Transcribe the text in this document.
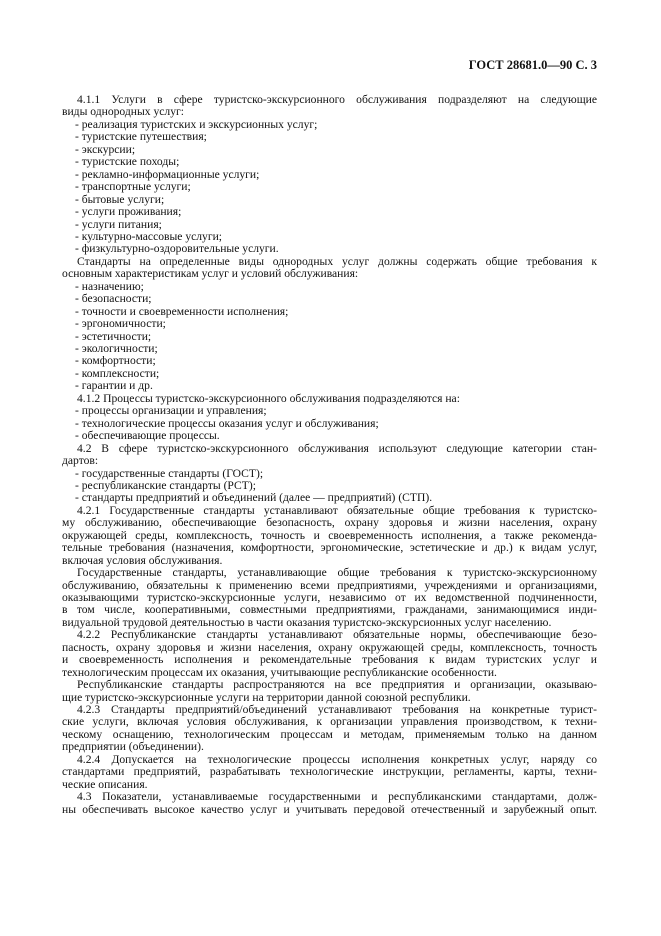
ГОСТ 28681.0—90 С. 3
4.1.1 Услуги в сфере туристско-экскурсионного обслуживания подразделяют на следующие
виды однородных услуг:
- реализация туристских и экскурсионных услуг;
- туристские путешествия;
- экскурсии;
- туристские походы;
- рекламно-информационные услуги;
- транспортные услуги;
- бытовые услуги;
- услуги проживания;
- услуги питания;
- культурно-массовые услуги;
- физкультурно-оздоровительные услуги.
Стандарты на определенные виды однородных услуг должны содержать общие требования к
основным характеристикам услуг и условий обслуживания:
- назначению;
- безопасности;
- точности и своевременности исполнения;
- эргономичности;
- эстетичности;
- экологичности;
- комфортности;
- комплексности;
- гарантии и др.
4.1.2 Процессы туристско-экскурсионного обслуживания подразделяются на:
- процессы организации и управления;
- технологические процессы оказания услуг и обслуживания;
- обеспечивающие процессы.
4.2 В сфере туристско-экскурсионного обслуживания используют следующие категории стан-
дартов:
- государственные стандарты (ГОСТ);
- республиканские стандарты (РСТ);
- стандарты предприятий и объединений (далее — предприятий) (СТП).
4.2.1 Государственные стандарты устанавливают обязательные общие требования к туристско-
му обслуживанию, обеспечивающие безопасность, охрану здоровья и жизни населения, охрану
окружающей среды, комплексность, точность и своевременность исполнения, а также рекоменда-
тельные требования (назначения, комфортности, эргономические, эстетические и др.) к видам услуг,
включая условия обслуживания.
Государственные стандарты, устанавливающие общие требования к туристско-экскурсионному
обслуживанию, обязательны к применению всеми предприятиями, учреждениями и организациями,
оказывающими туристско-экскурсионные услуги, независимо от их ведомственной подчиненности,
в том числе, кооперативными, совместными предприятиями, гражданами, занимающимися инди-
видуальной трудовой деятельностью в части оказания туристско-экскурсионных услуг населению.
4.2.2 Республиканские стандарты устанавливают обязательные нормы, обеспечивающие безо-
пасность, охрану здоровья и жизни населения, охрану окружающей среды, комплексность, точность
и своевременность исполнения и рекомендательные требования к видам туристских услуг и
технологическим процессам их оказания, учитывающие республиканские особенности.
Республиканские стандарты распространяются на все предприятия и организации, оказываю-
щие туристско-экскурсионные услуги на территории данной союзной республики.
4.2.3 Стандарты предприятий/объединений устанавливают требования на конкретные турист-
ские услуги, включая условия обслуживания, к организации управления производством, к техни-
ческому оснащению, технологическим процессам и методам, применяемым только на данном
предприятии (объединении).
4.2.4 Допускается на технологические процессы исполнения конкретных услуг, наряду со
стандартами предприятий, разрабатывать технологические инструкции, регламенты, карты, техни-
ческие описания.
4.3 Показатели, устанавливаемые государственными и республиканскими стандартами, долж-
ны обеспечивать высокое качество услуг и учитывать передовой отечественный и зарубежный опыт.
